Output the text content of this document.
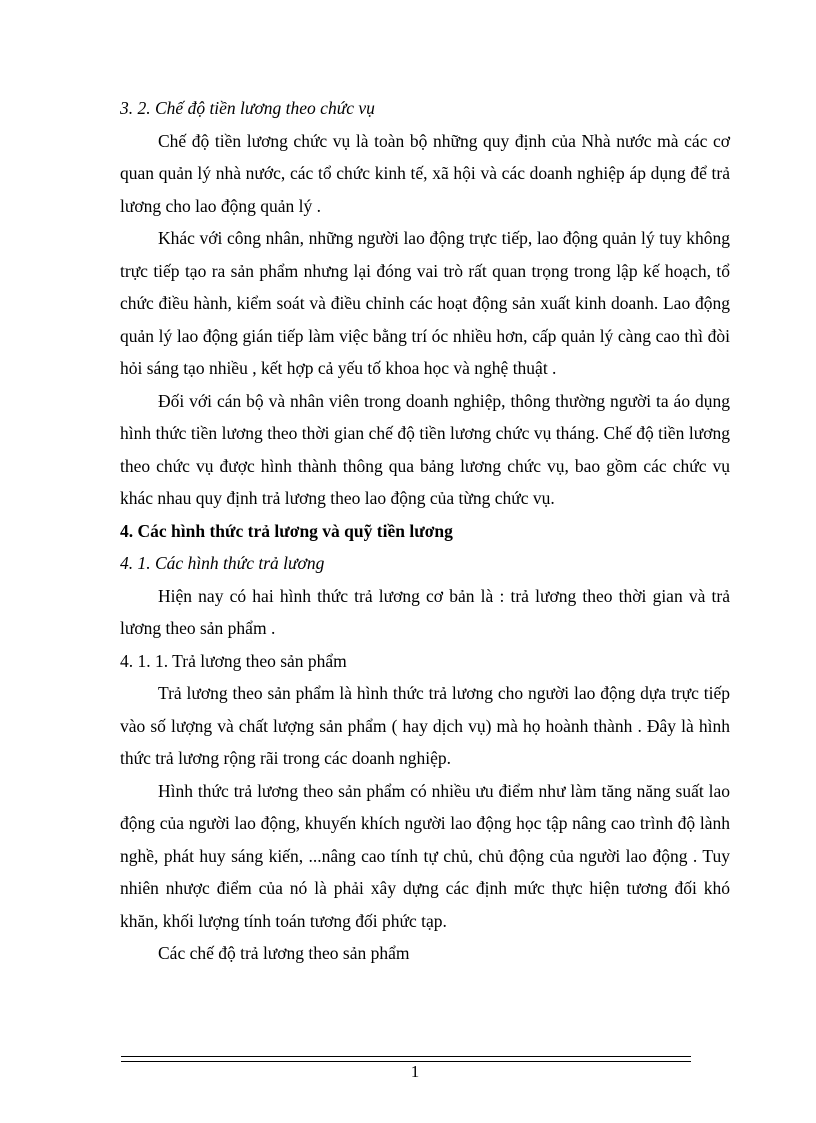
3. 2. Chế độ tiền lương theo chức vụ

Chế độ tiền lương chức vụ là toàn bộ những quy định của Nhà nước mà các cơ quan quản lý nhà nước, các tổ chức kinh tế, xã hội và các doanh nghiệp áp dụng để trả lương cho lao động quản lý .

Khác với công nhân, những người lao động trực tiếp, lao động quản lý tuy không trực tiếp tạo ra sản phẩm nhưng lại đóng vai trò rất quan trọng trong lập kế hoạch, tổ chức điều hành, kiểm soát và điều chỉnh các hoạt động sản xuất kinh doanh. Lao động quản lý lao động gián tiếp làm việc bằng trí óc nhiều hơn, cấp quản lý càng cao thì đòi hỏi sáng tạo nhiều , kết hợp cả yếu tố khoa học và nghệ thuật .

Đối với cán bộ và nhân viên trong doanh nghiệp, thông thường người ta áo dụng hình thức tiền lương theo thời gian chế độ tiền lương chức vụ tháng. Chế độ tiền lương theo chức vụ được hình thành thông qua bảng lương chức vụ, bao gồm các chức vụ khác nhau quy định trả lương theo lao động của từng chức vụ.

4. Các hình thức trả lương và quỹ tiền lương

4. 1. Các hình thức trả lương

Hiện nay có hai hình thức trả lương cơ bản là : trả lương theo thời gian và trả lương theo sản phẩm .

4. 1. 1. Trả lương theo sản phẩm

Trả lương theo sản phẩm là hình thức trả lương cho người lao động dựa trực tiếp vào số lượng và chất lượng sản phẩm ( hay dịch vụ) mà họ hoành thành . Đây là hình thức trả lương rộng rãi trong các doanh nghiệp.

Hình thức trả lương theo sản phẩm có nhiều ưu điểm như làm tăng năng suất lao động của người lao động, khuyến khích người lao động học tập nâng cao trình độ lành nghề, phát huy sáng kiến, ...nâng cao tính tự chủ, chủ động của người lao động . Tuy nhiên nhược điểm của nó là phải xây dựng các định mức thực hiện tương đối khó khăn, khối lượng tính toán tương đối phức tạp.

Các chế độ trả lương theo sản phẩm

1
